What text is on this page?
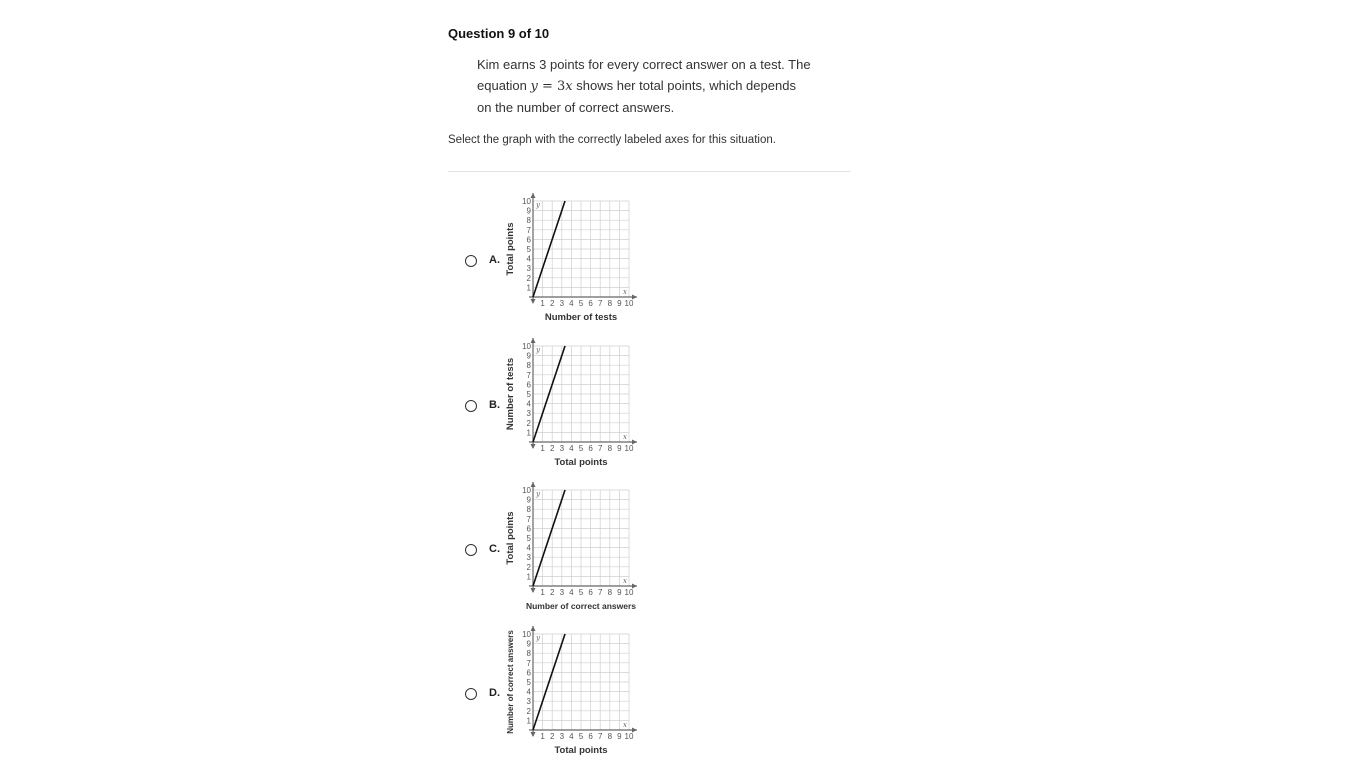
Question 9 of 10
Kim earns 3 points for every correct answer on a test. The
equation y = 3x shows her total points, which depends
on the number of correct answers.
Select the graph with the correctly labeled axes for this situation.
A.
x
y
1
2
3
4
5
6
7
8
9
10
1 2 3 4 5 6 7 8 9 10
Total points
Number of tests
B.
x
y
1
2
3
4
5
6
7
8
9
10
1 2 3 4 5 6 7 8 9 10
Number of tests
Total points
C.
x
y
1
2
3
4
5
6
7
8
9
10
1 2 3 4 5 6 7 8 9 10
Total points
Number of correct answers
D.
x
y
1
2
3
4
5
6
7
8
9
10
1 2 3 4 5 6 7 8 9 10
Number of correct answers
Total points
